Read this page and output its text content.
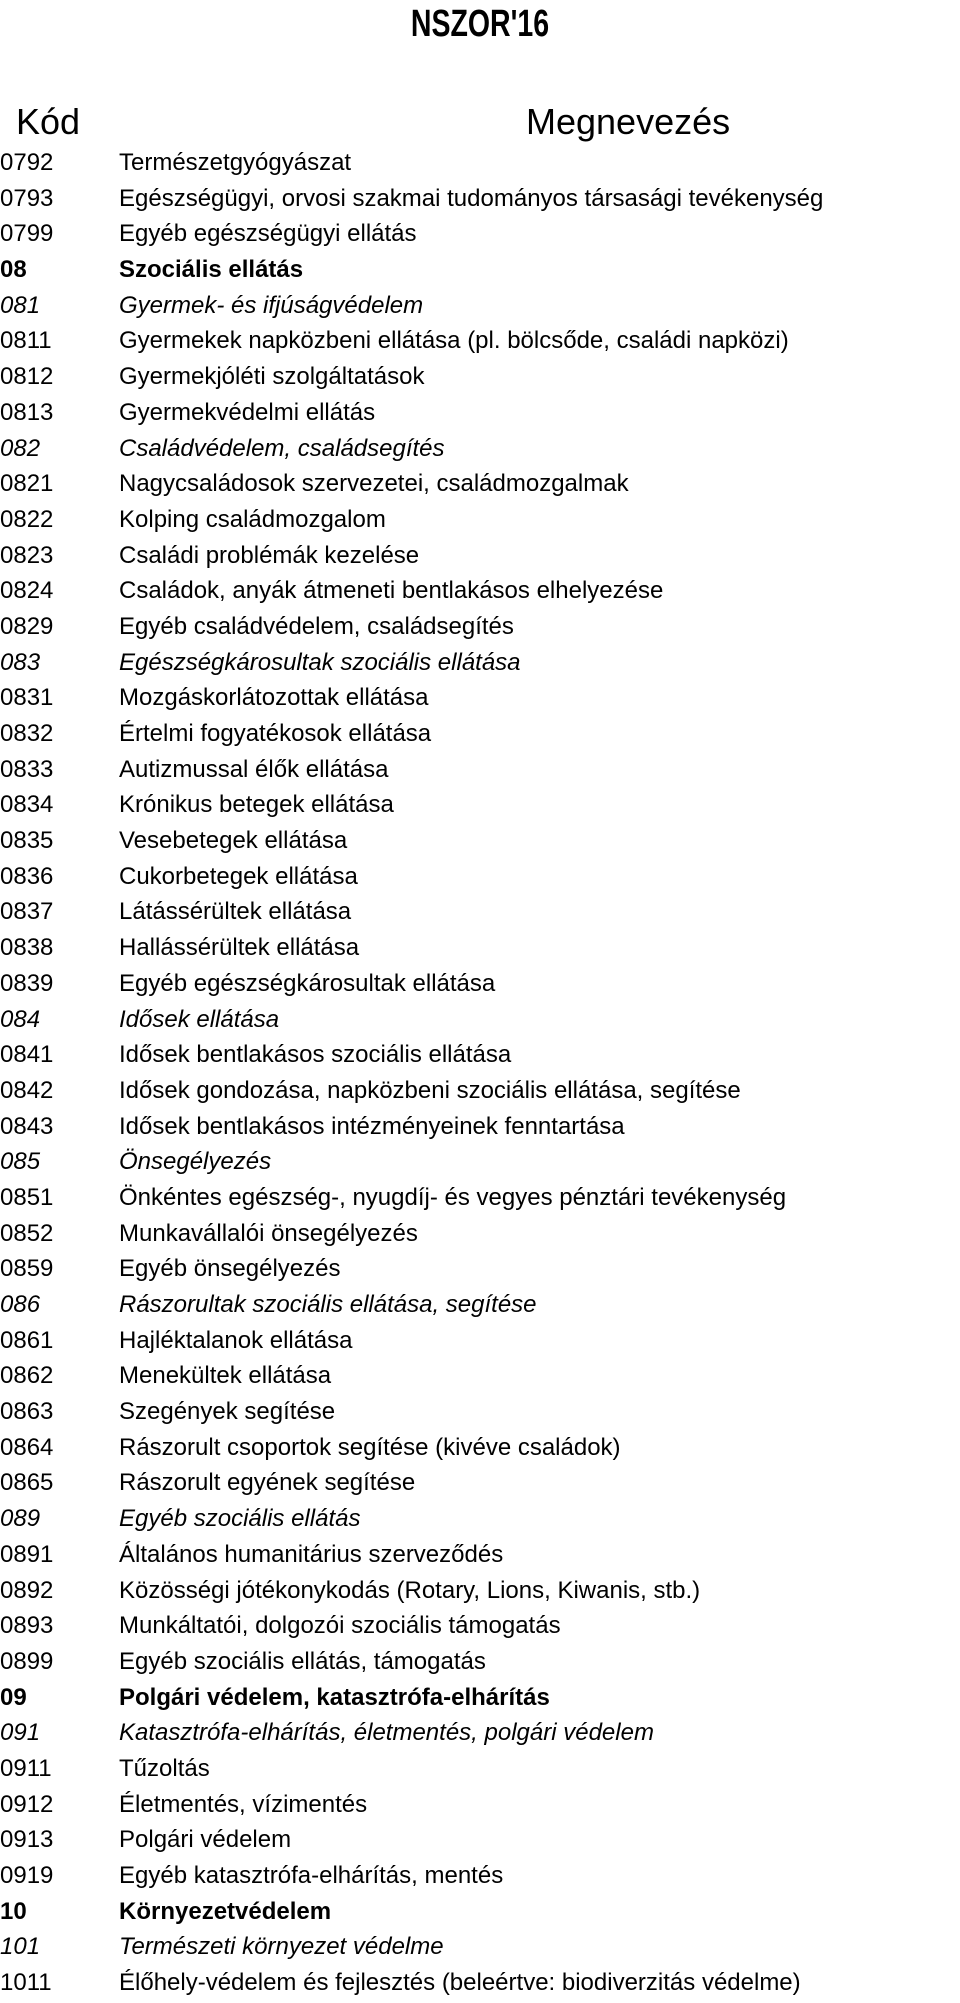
NSZOR'16
Kód	Megnevezés
0792	Természetgyógyászat
0793	Egészségügyi, orvosi szakmai tudományos társasági tevékenység
0799	Egyéb egészségügyi ellátás
08	Szociális ellátás
081	Gyermek- és ifjúságvédelem
0811	Gyermekek napközbeni ellátása (pl. bölcsőde, családi napközi)
0812	Gyermekjóléti szolgáltatások
0813	Gyermekvédelmi ellátás
082	Családvédelem, családsegítés
0821	Nagycsaládosok szervezetei, családmozgalmak
0822	Kolping családmozgalom
0823	Családi problémák kezelése
0824	Családok, anyák átmeneti bentlakásos elhelyezése
0829	Egyéb családvédelem, családsegítés
083	Egészségkárosultak szociális ellátása
0831	Mozgáskorlátozottak ellátása
0832	Értelmi fogyatékosok ellátása
0833	Autizmussal élők ellátása
0834	Krónikus betegek ellátása
0835	Vesebetegek ellátása
0836	Cukorbetegek ellátása
0837	Látássérültek ellátása
0838	Hallássérültek ellátása
0839	Egyéb egészségkárosultak ellátása
084	Idősek ellátása
0841	Idősek bentlakásos szociális ellátása
0842	Idősek gondozása, napközbeni szociális ellátása, segítése
0843	Idősek bentlakásos intézményeinek fenntartása
085	Önsegélyezés
0851	Önkéntes egészség-, nyugdíj- és vegyes pénztári tevékenység
0852	Munkavállalói önsegélyezés
0859	Egyéb önsegélyezés
086	Rászorultak szociális ellátása, segítése
0861	Hajléktalanok ellátása
0862	Menekültek ellátása
0863	Szegények segítése
0864	Rászorult csoportok segítése (kivéve családok)
0865	Rászorult egyének segítése
089	Egyéb szociális ellátás
0891	Általános humanitárius szerveződés
0892	Közösségi jótékonykodás (Rotary, Lions, Kiwanis, stb.)
0893	Munkáltatói, dolgozói szociális támogatás
0899	Egyéb szociális ellátás, támogatás
09	Polgári védelem, katasztrófa-elhárítás
091	Katasztrófa-elhárítás, életmentés, polgári védelem
0911	Tűzoltás
0912	Életmentés, vízimentés
0913	Polgári védelem
0919	Egyéb katasztrófa-elhárítás, mentés
10	Környezetvédelem
101	Természeti környezet védelme
1011	Élőhely-védelem és fejlesztés (beleértve: biodiverzitás védelme)
